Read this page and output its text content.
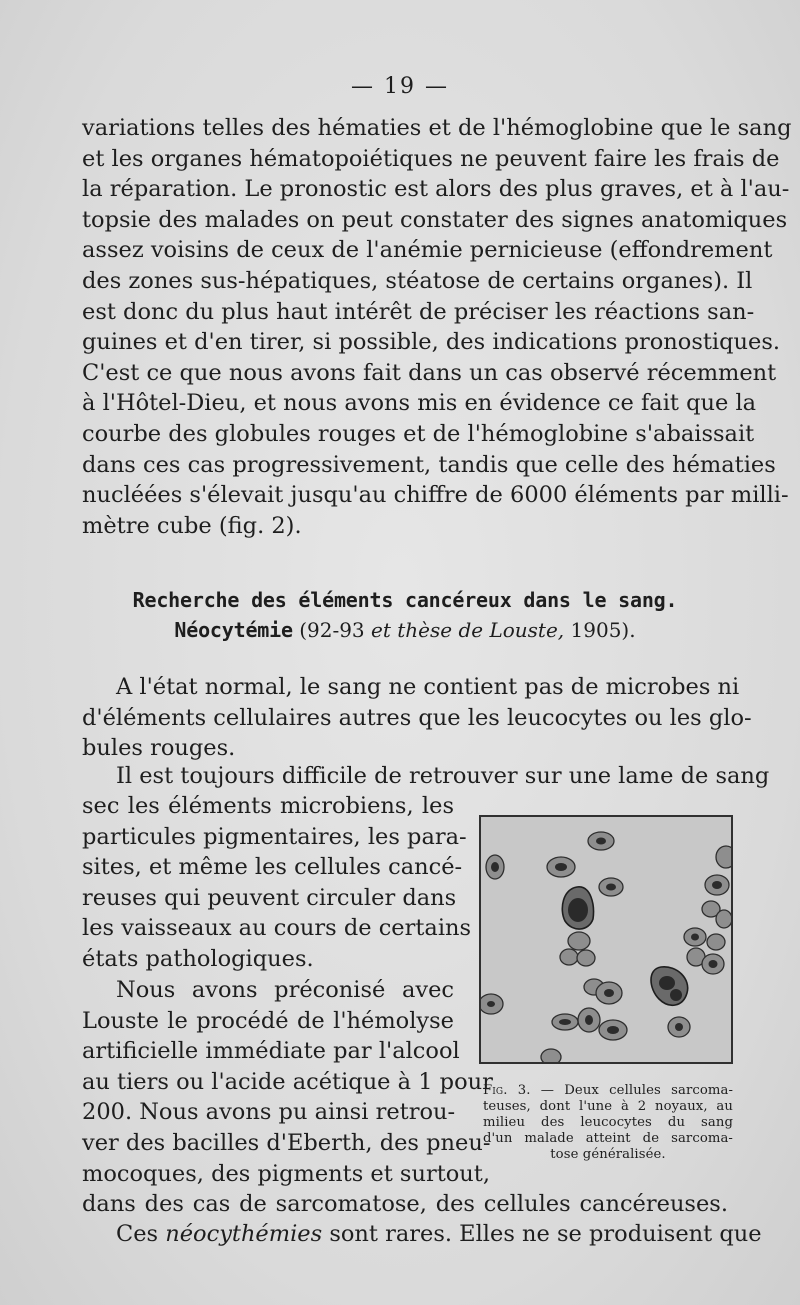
— 19 —
variations telles des hématies et de l'hémoglobine que le sang
et les organes hématopoiétiques ne peuvent faire les frais de
la réparation. Le pronostic est alors des plus graves, et à l'au-
topsie des malades on peut constater des signes anatomiques
assez voisins de ceux de l'anémie pernicieuse (effondrement
des zones sus-hépatiques, stéatose de certains organes). Il
est donc du plus haut intérêt de préciser les réactions san-
guines et d'en tirer, si possible, des indications pronostiques.
C'est ce que nous avons fait dans un cas observé récemment
à l'Hôtel-Dieu, et nous avons mis en évidence ce fait que la
courbe des globules rouges et de l'hémoglobine s'abaissait
dans ces cas progressivement, tandis que celle des hématies
nucléées s'élevait jusqu'au chiffre de 6000 éléments par milli-
mètre cube (fig. 2).
Recherche des éléments cancéreux dans le sang.
Néocytémie (92-93 et thèse de Louste, 1905).
A l'état normal, le sang ne contient pas de microbes ni
d'éléments cellulaires autres que les leucocytes ou les glo-
bules rouges.
Il est toujours difficile de retrouver sur une lame de sang
sec les éléments microbiens, les
particules pigmentaires, les para-
sites, et même les cellules cancé-
reuses qui peuvent circuler dans
les vaisseaux au cours de certains
états pathologiques.
Nous avons préconisé avec
Louste le procédé de l'hémolyse
artificielle immédiate par l'alcool
au tiers ou l'acide acétique à 1 pour
200. Nous avons pu ainsi retrou-
ver des bacilles d'Eberth, des pneu-
mocoques, des pigments et surtout,
dans des cas de sarcomatose, des cellules cancéreuses.
Ces néocythémies sont rares. Elles ne se produisent que
Fig. 3. — Deux cellules sarcoma-
teuses, dont l'une à 2 noyaux, au
milieu des leucocytes du sang
d'un malade atteint de sarcoma-
tose généralisée.
